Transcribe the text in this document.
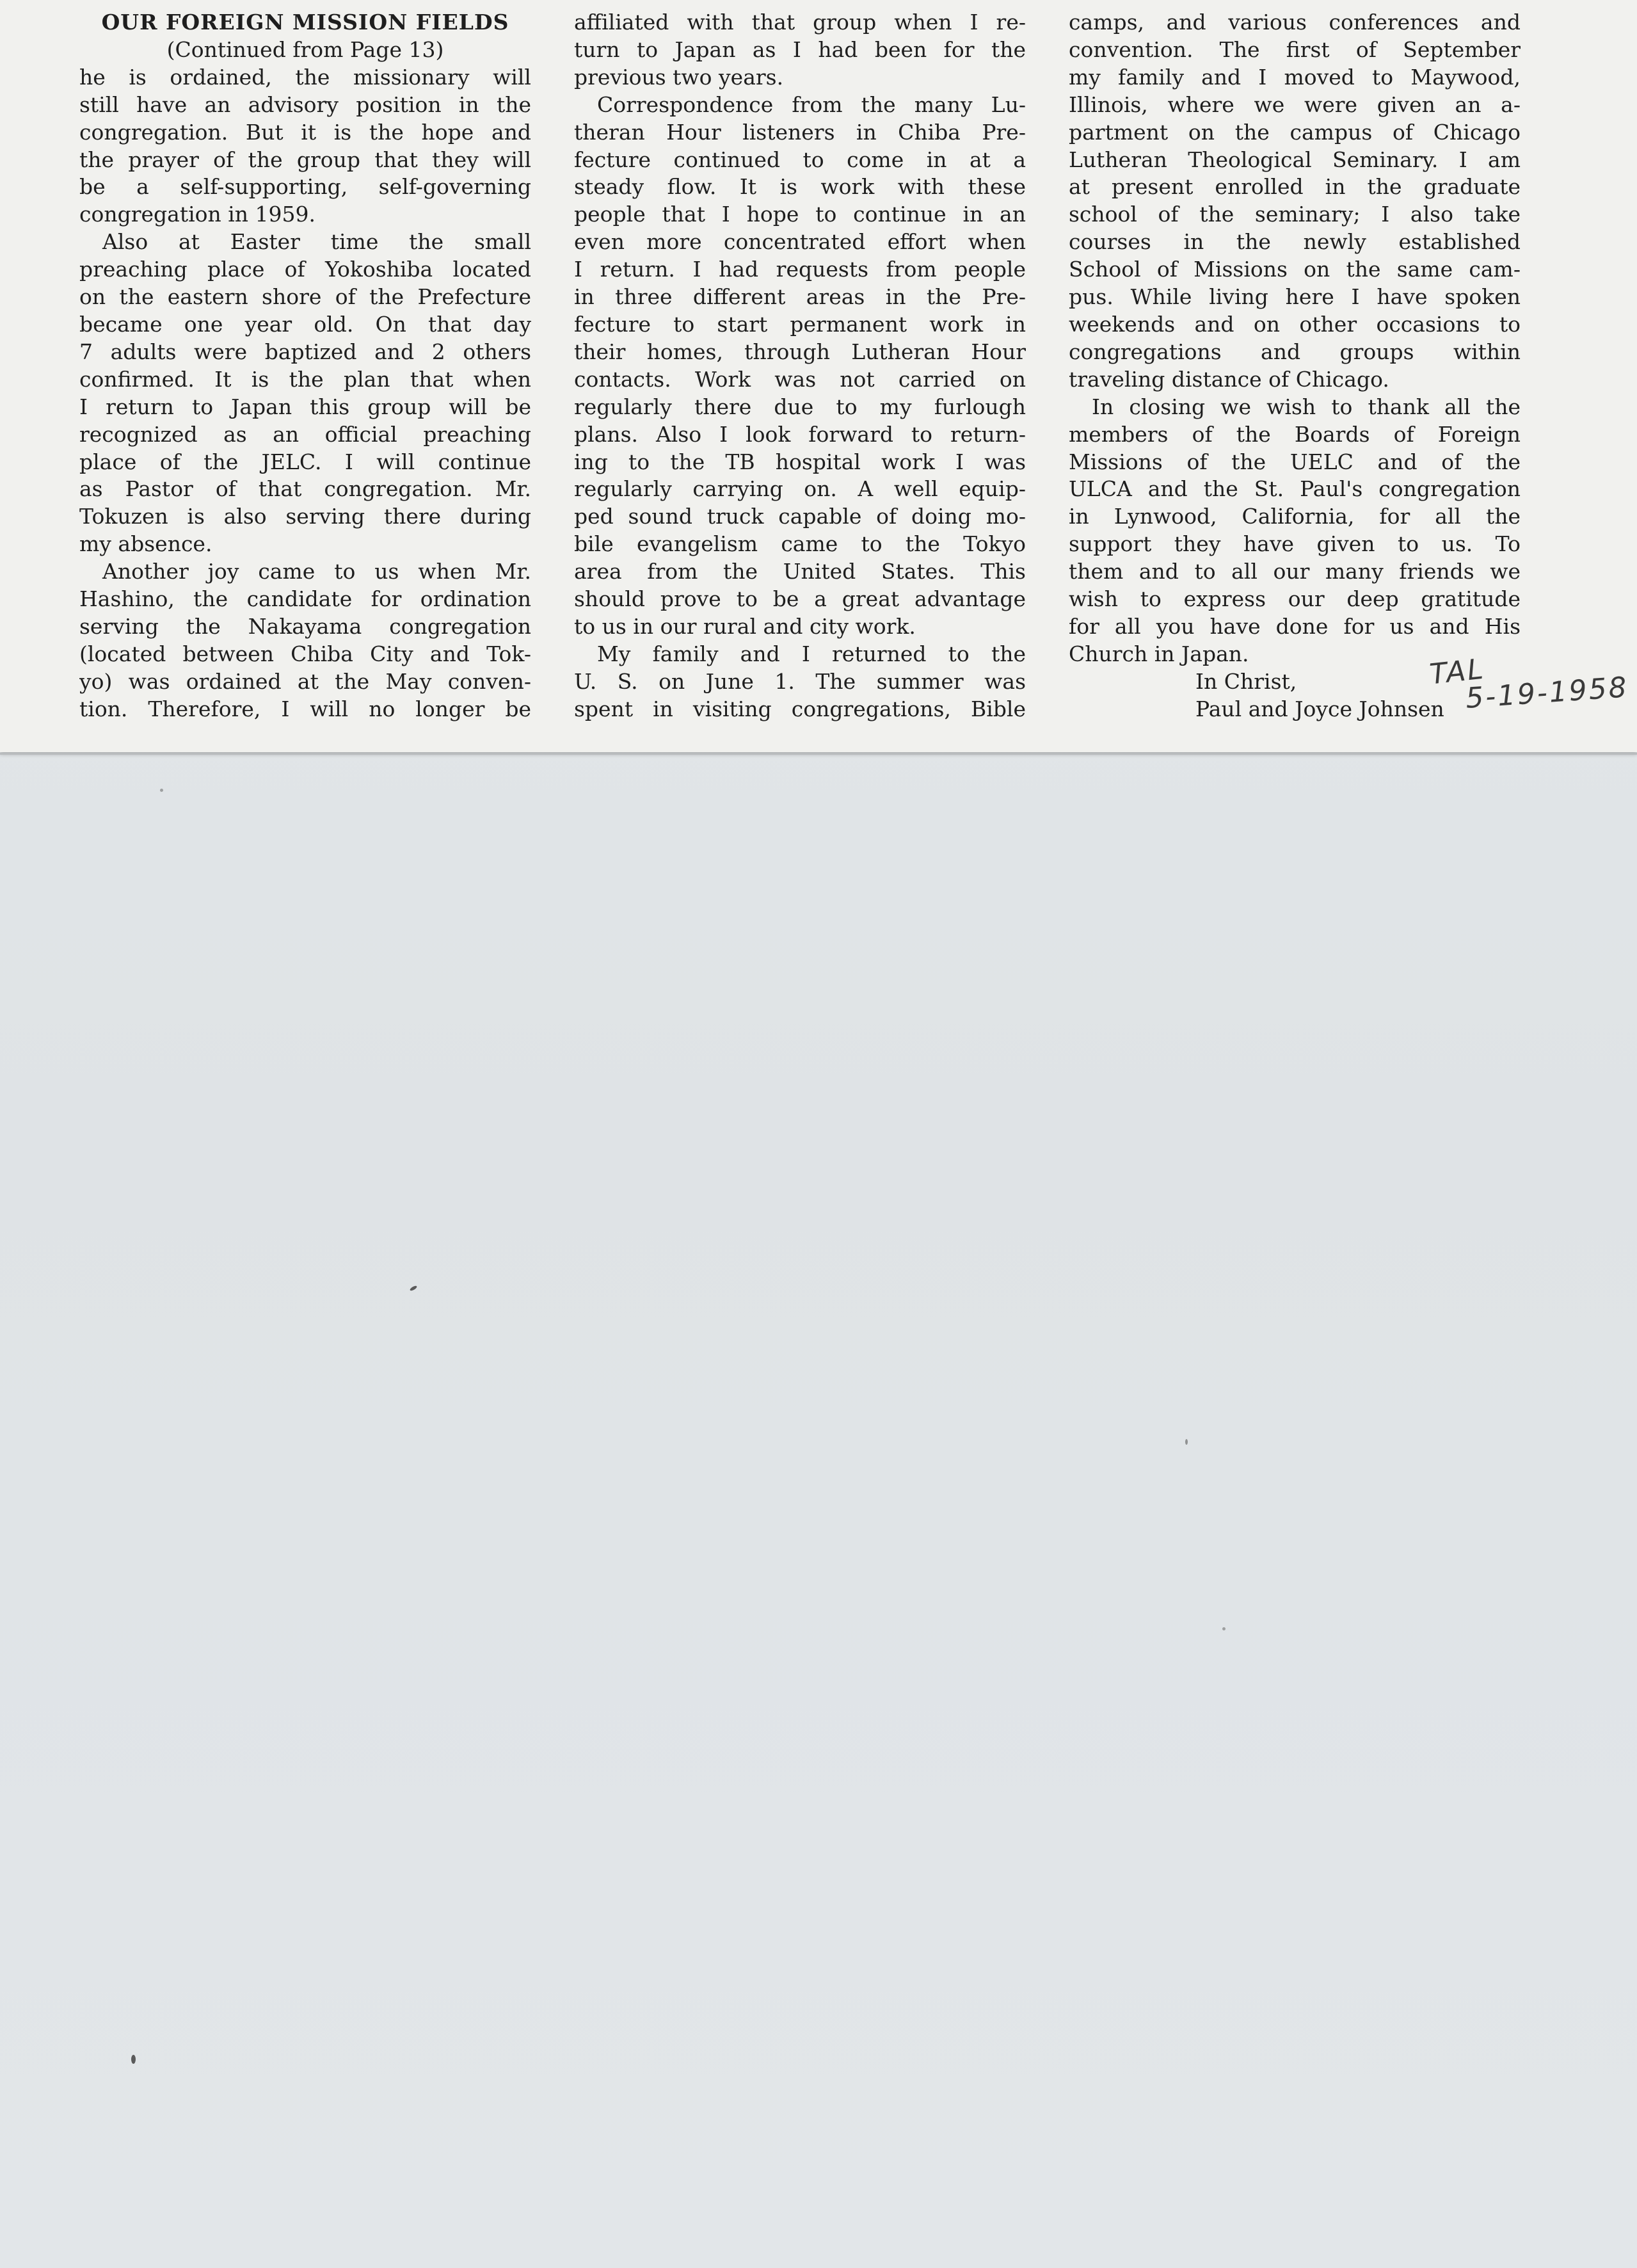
OUR FOREIGN MISSION FIELDS

(Continued from Page 13)

he is ordained, the missionary will

still have an advisory position in the

congregation. But it is the hope and

the prayer of the group that they will

be a self-supporting, self-governing

congregation in 1959.

Also at Easter time the small

preaching place of Yokoshiba located

on the eastern shore of the Prefecture

became one year old. On that day

7 adults were baptized and 2 others

confirmed. It is the plan that when

I return to Japan this group will be

recognized as an official preaching

place of the JELC. I will continue

as Pastor of that congregation. Mr.

Tokuzen is also serving there during

my absence.

Another joy came to us when Mr.

Hashino, the candidate for ordination

serving the Nakayama congregation

(located between Chiba City and Tok-

yo) was ordained at the May conven-

tion. Therefore, I will no longer be

affiliated with that group when I re-

turn to Japan as I had been for the

previous two years.

Correspondence from the many Lu-

theran Hour listeners in Chiba Pre-

fecture continued to come in at a

steady flow. It is work with these

people that I hope to continue in an

even more concentrated effort when

I return. I had requests from people

in three different areas in the Pre-

fecture to start permanent work in

their homes, through Lutheran Hour

contacts. Work was not carried on

regularly there due to my furlough

plans. Also I look forward to return-

ing to the TB hospital work I was

regularly carrying on. A well equip-

ped sound truck capable of doing mo-

bile evangelism came to the Tokyo

area from the United States. This

should prove to be a great advantage

to us in our rural and city work.

My family and I returned to the

U. S. on June 1. The summer was

spent in visiting congregations, Bible

camps, and various conferences and

convention. The first of September

my family and I moved to Maywood,

Illinois, where we were given an a-

partment on the campus of Chicago

Lutheran Theological Seminary. I am

at present enrolled in the graduate

school of the seminary; I also take

courses in the newly established

School of Missions on the same cam-

pus. While living here I have spoken

weekends and on other occasions to

congregations and groups within

traveling distance of Chicago.

In closing we wish to thank all the

members of the Boards of Foreign

Missions of the UELC and of the

ULCA and the St. Paul's congregation

in Lynwood, California, for all the

support they have given to us. To

them and to all our many friends we

wish to express our deep gratitude

for all you have done for us and His

Church in Japan.

In Christ,

Paul and Joyce Johnsen

TAL
5-19-1958
